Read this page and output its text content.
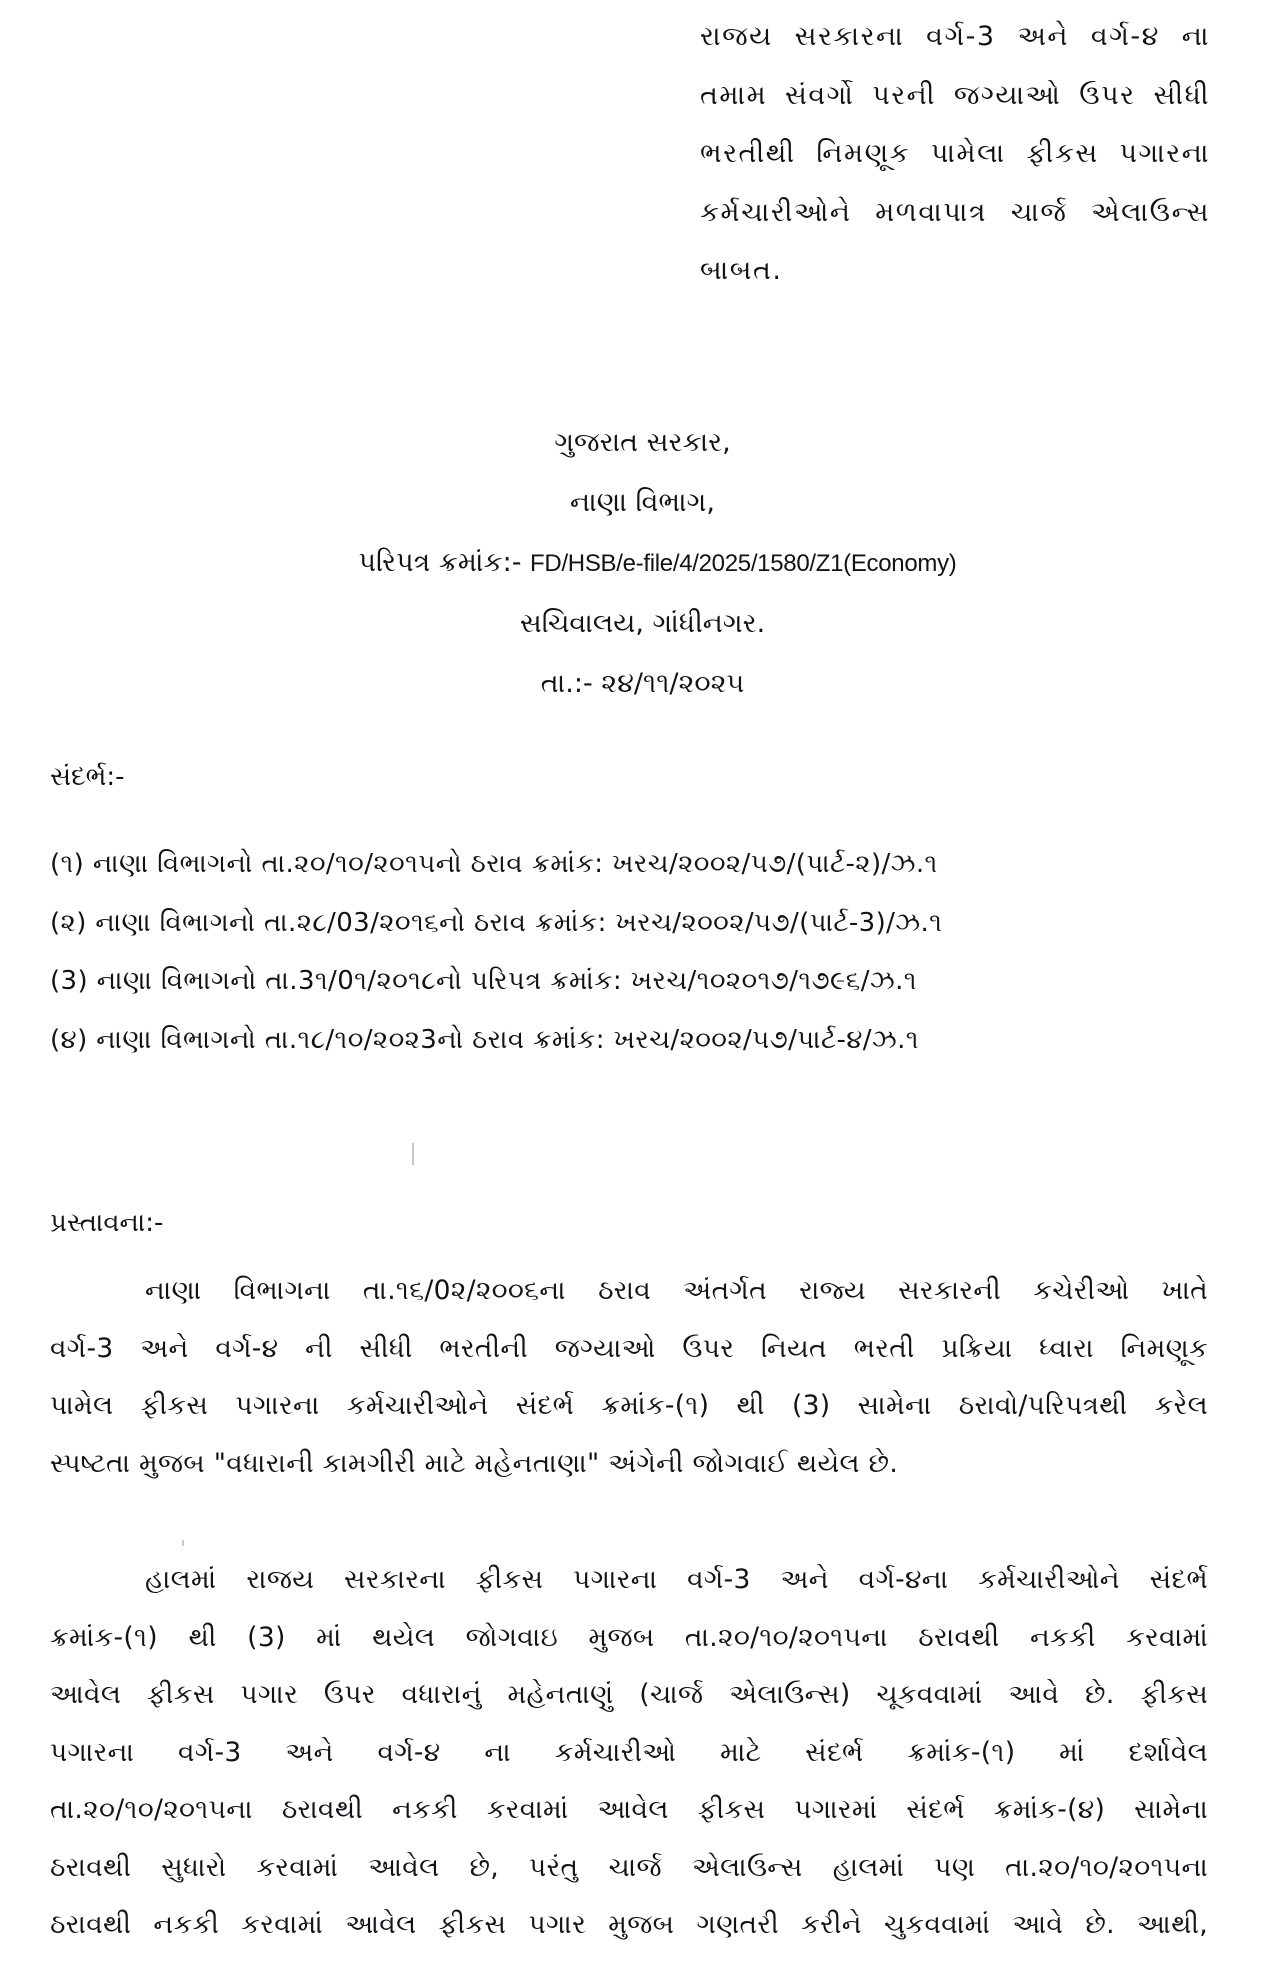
રાજય સરકારના વર્ગ-3 અને વર્ગ-૪ ના
તમામ સંવર્ગો પરની જગ્યાઓ ઉપર સીધી
ભરતીથી નિમણૂક પામેલા ફીકસ પગારના
કર્મચારીઓને મળવાપાત્ર ચાર્જ એલાઉન્સ
બાબત.
ગુજરાત સરકાર,
નાણા વિભાગ,
પરિપત્ર ક્રમાંક:- FD/HSB/e-file/4/2025/1580/Z1(Economy)
સચિવાલય, ગાંધીનગર.
તા.:- ૨૪/૧૧/૨૦૨૫
સંદર્ભ:-
(૧) નાણા વિભાગનો તા.૨૦/૧૦/૨૦૧૫નો ઠરાવ ક્રમાંક: ખરચ/૨૦૦૨/૫૭/(પાર્ટ-૨)/ઝ.૧
(૨) નાણા વિભાગનો તા.૨૮/03/૨૦૧૬નો ઠરાવ ક્રમાંક: ખરચ/૨૦૦૨/૫૭/(પાર્ટ-3)/ઝ.૧
(3) નાણા વિભાગનો તા.3૧/0૧/૨૦૧૮નો પરિપત્ર ક્રમાંક: ખરચ/૧૦૨૦૧૭/૧૭૯૬/ઝ.૧
(૪) નાણા વિભાગનો તા.૧૮/૧૦/૨૦૨3નો ઠરાવ ક્રમાંક: ખરચ/૨૦૦૨/૫૭/પાર્ટ-૪/ઝ.૧
પ્રસ્તાવના:-
નાણા વિભાગના તા.૧૬/0૨/૨૦૦૬ના ઠરાવ અંતર્ગત રાજ્ય સરકારની કચેરીઓ ખાતે
વર્ગ-3 અને વર્ગ-૪ ની સીધી ભરતીની જગ્યાઓ ઉપર નિયત ભરતી પ્રક્રિયા ધ્વારા નિમણૂક
પામેલ ફીકસ પગારના કર્મચારીઓને સંદર્ભ ક્રમાંક-(૧) થી (3) સામેના ઠરાવો/પરિપત્રથી કરેલ
સ્પષ્ટતા મુજબ "વધારાની કામગીરી માટે મહેનતાણા" અંગેની જોગવાઈ થયેલ છે.
હાલમાં રાજય સરકારના ફીકસ પગારના વર્ગ-3 અને વર્ગ-૪ના કર્મચારીઓને સંદર્ભ
ક્રમાંક-(૧) થી (3) માં થયેલ જોગવાઇ મુજબ તા.૨૦/૧૦/૨૦૧૫ના ઠરાવથી નકકી કરવામાં
આવેલ ફીકસ પગાર ઉપર વધારાનું મહેનતાણું (ચાર્જ એલાઉન્સ) ચૂકવવામાં આવે છે. ફીકસ
પગારના વર્ગ-3 અને વર્ગ-૪ ના કર્મચારીઓ માટે સંદર્ભ ક્રમાંક-(૧) માં દર્શાવેલ
તા.૨૦/૧૦/૨૦૧૫ના ઠરાવથી નકકી કરવામાં આવેલ ફીકસ પગારમાં સંદર્ભ ક્રમાંક-(૪) સામેના
ઠરાવથી સુધારો કરવામાં આવેલ છે, પરંતુ ચાર્જ એલાઉન્સ હાલમાં પણ તા.૨૦/૧૦/૨૦૧૫ના
ઠરાવથી નકકી કરવામાં આવેલ ફીકસ પગાર મુજબ ગણતરી કરીને ચુકવવામાં આવે છે. આથી,
